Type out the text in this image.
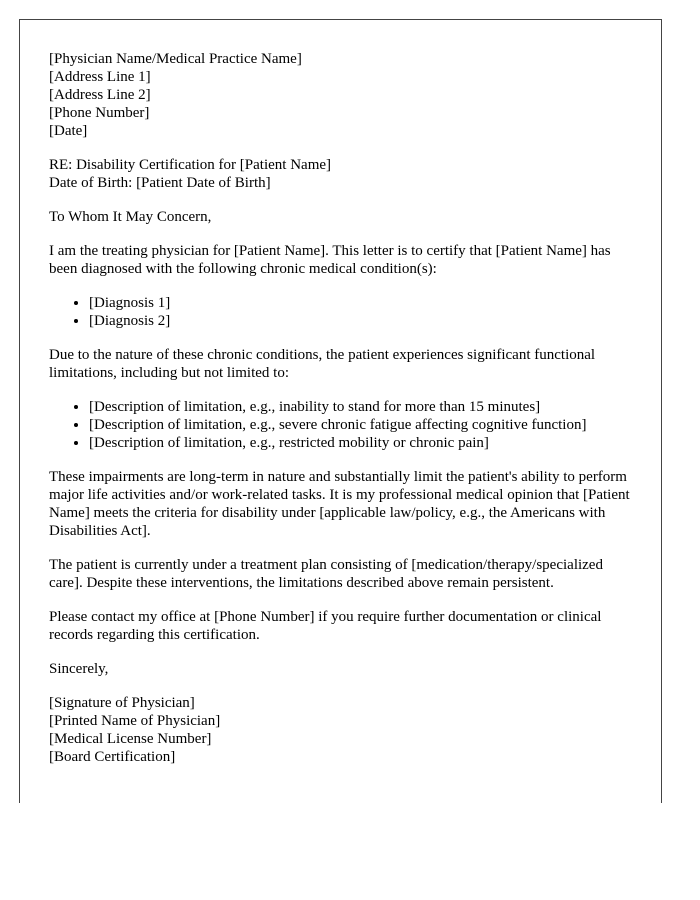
[Physician Name/Medical Practice Name]
[Address Line 1]
[Address Line 2]
[Phone Number]
[Date]
RE: Disability Certification for [Patient Name]
Date of Birth: [Patient Date of Birth]

To Whom It May Concern,

I am the treating physician for [Patient Name]. This letter is to certify that [Patient Name] has been diagnosed with the following chronic medical condition(s):

• [Diagnosis 1]
• [Diagnosis 2]

Due to the nature of these chronic conditions, the patient experiences significant functional limitations, including but not limited to:

• [Description of limitation, e.g., inability to stand for more than 15 minutes]
• [Description of limitation, e.g., severe chronic fatigue affecting cognitive function]
• [Description of limitation, e.g., restricted mobility or chronic pain]

These impairments are long-term in nature and substantially limit the patient's ability to perform major life activities and/or work-related tasks. It is my professional medical opinion that [Patient Name] meets the criteria for disability under [applicable law/policy, e.g., the Americans with Disabilities Act].

The patient is currently under a treatment plan consisting of [medication/therapy/specialized care]. Despite these interventions, the limitations described above remain persistent.

Please contact my office at [Phone Number] if you require further documentation or clinical records regarding this certification.

Sincerely,

[Signature of Physician]
[Printed Name of Physician]
[Medical License Number]
[Board Certification]
